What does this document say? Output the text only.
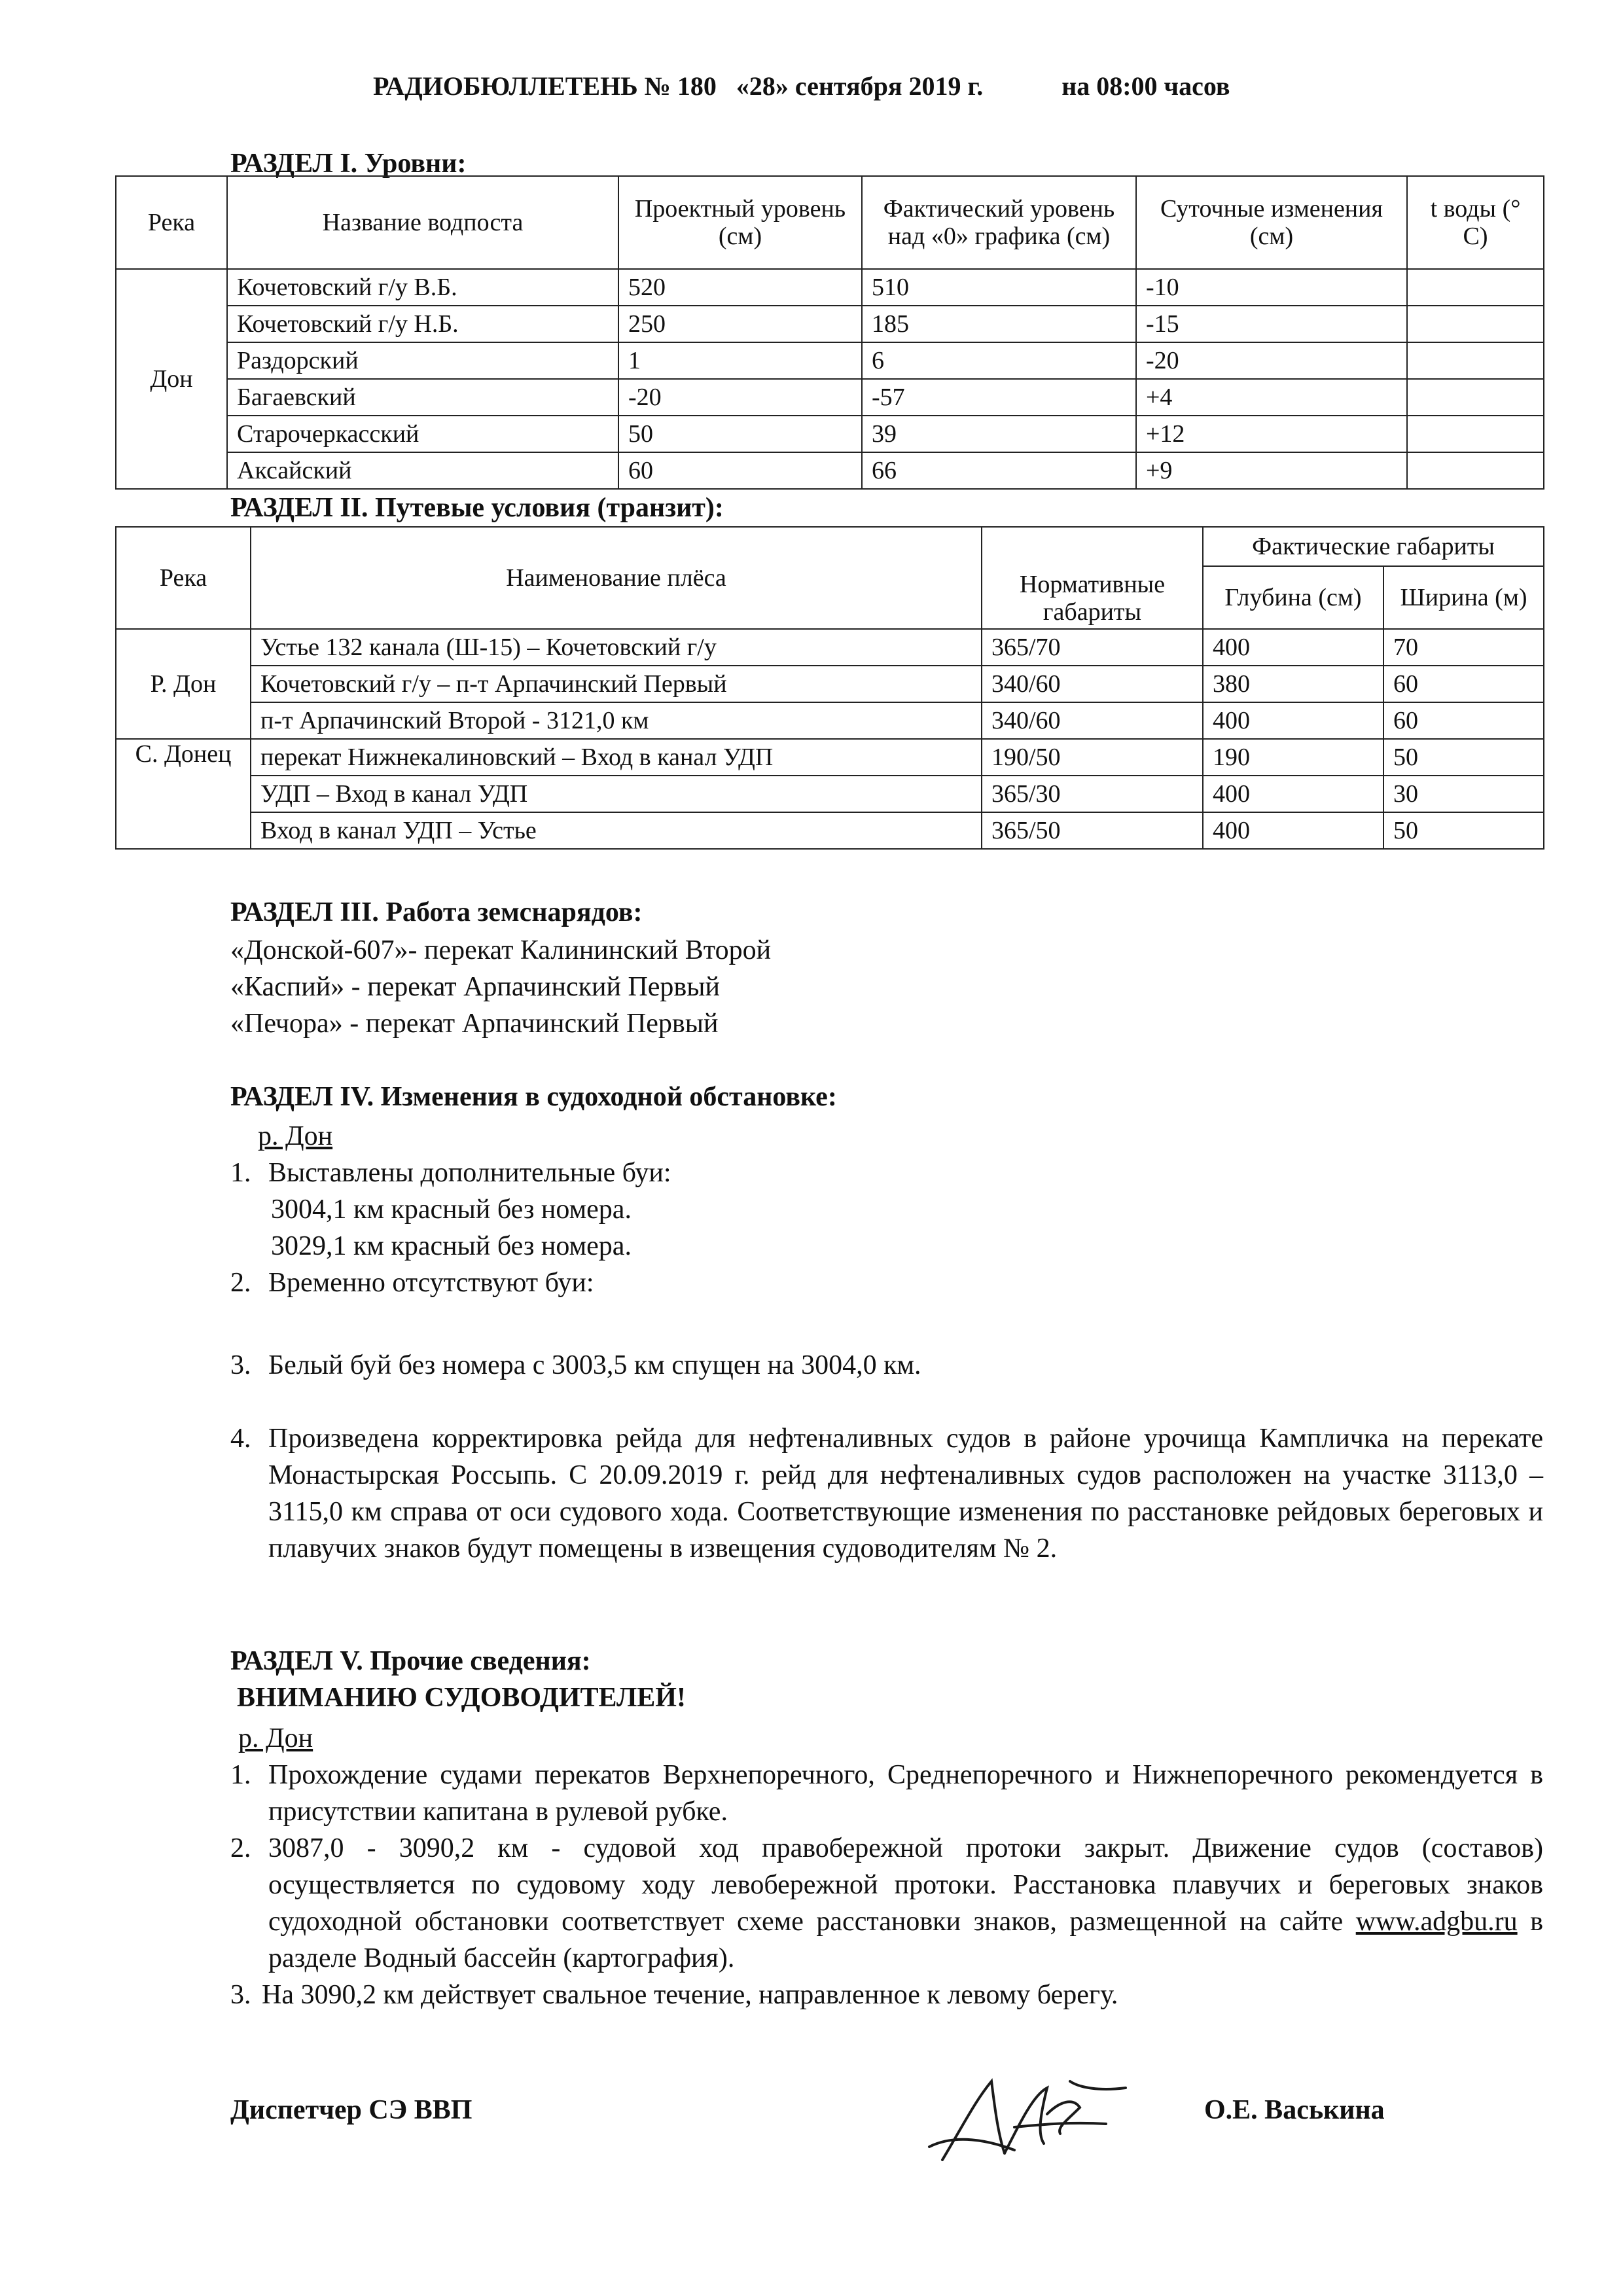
РАДИОБЮЛЛЕТЕНЬ № 180 «28» сентября 2019 г.	на 08:00 часов
РАЗДЕЛ I. Уровни:
Река	Название водпоста	Проектный уровень (см)	Фактический уровень над «0» графика (см)	Суточные изменения (см)	t воды (° С)
Дон	Кочетовский г/у В.Б.	520	510	-10	
	Кочетовский г/у Н.Б.	250	185	-15	
	Раздорский	1	6	-20	
	Багаевский	-20	-57	+4	
	Старочеркасский	50	39	+12	
	Аксайский	60	66	+9	
РАЗДЕЛ II. Путевые условия (транзит):
Река	Наименование плёса	Нормативные габариты	Фактические габариты	
			Глубина (см)	Ширина (м)
Р. Дон	Устье 132 канала (Ш-15) – Кочетовский г/у	365/70	400	70
	Кочетовский г/у – п-т Арпачинский Первый	340/60	380	60
	п-т Арпачинский Второй - 3121,0 км	340/60	400	60
С. Донец	перекат Нижнекалиновский – Вход в канал УДП	190/50	190	50
	УДП – Вход в канал УДП	365/30	400	30
	Вход в канал УДП – Устье	365/50	400	50
РАЗДЕЛ III. Работа земснарядов:
«Донской-607»- перекат Калининский Второй
«Каспий» - перекат Арпачинский Первый
«Печора» - перекат Арпачинский Первый
РАЗДЕЛ IV. Изменения в судоходной обстановке:
р. Дон
1. Выставлены дополнительные буи:
3004,1 км красный без номера.
3029,1 км красный без номера.
2. Временно отсутствуют буи:
3. Белый буй без номера с 3003,5 км спущен на 3004,0 км.
4. Произведена корректировка рейда для нефтеналивных судов в районе урочища Кампличка на перекате Монастырская Россыпь. С 20.09.2019 г. рейд для нефтеналивных судов расположен на участке 3113,0 – 3115,0 км справа от оси судового хода. Соответствующие изменения по расстановке рейдовых береговых и плавучих знаков будут помещены в извещения судоводителям № 2.
РАЗДЕЛ V. Прочие сведения:
ВНИМАНИЮ СУДОВОДИТЕЛЕЙ!
р. Дон
1. Прохождение судами перекатов Верхнепоречного, Среднепоречного и Нижнепоречного рекомендуется в присутствии капитана в рулевой рубке.
2. 3087,0 - 3090,2 км - судовой ход правобережной протоки закрыт. Движение судов (составов) осуществляется по судовому ходу левобережной протоки. Расстановка плавучих и береговых знаков судоходной обстановки соответствует схеме расстановки знаков, размещенной на сайте www.adgbu.ru в разделе Водный бассейн (картография).
3. На 3090,2 км действует свальное течение, направленное к левому берегу.
Диспетчер СЭ ВВП	О.Е. Васькина
